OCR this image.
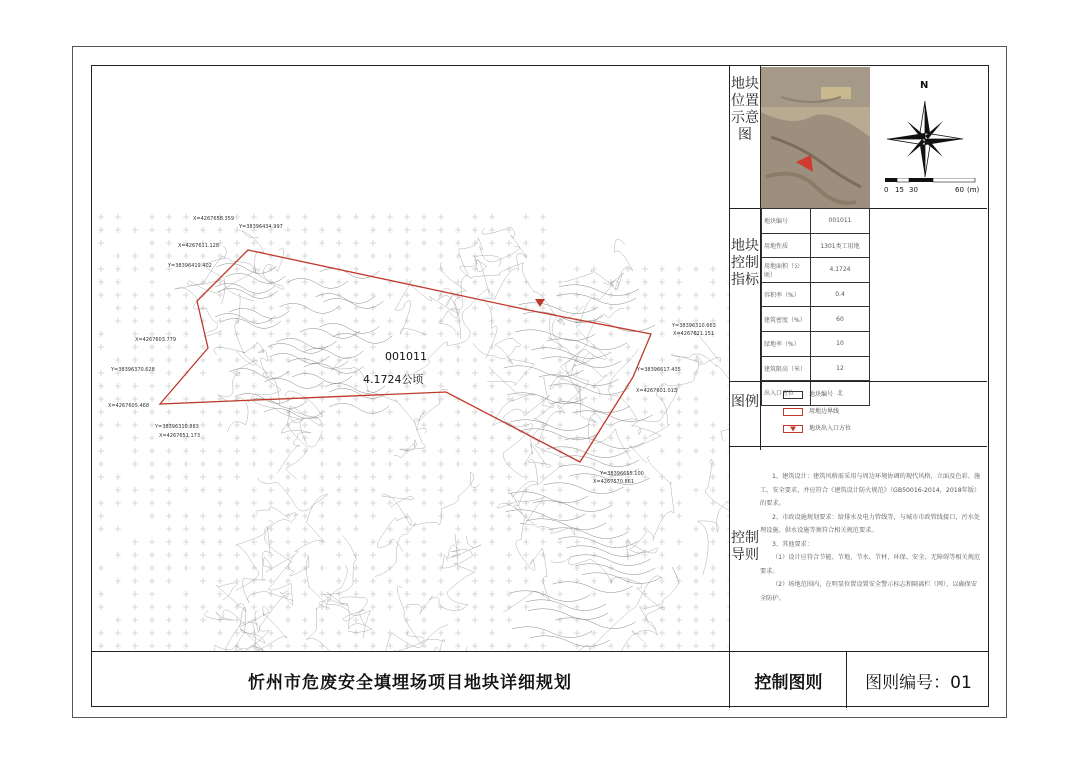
001011
4.1724公顷
X=4267658.359
Y=38396434.997
X=4267611.128
Y=38396419.402
X=4267603.779
Y=38396370.628
X=4267605.468
Y=38396310.883
X=4267651.173
Y=38396310.663
X=4267621.151
Y=38396617.435
X=4267601.013
Y=38396655.100
X=4267570.861
地块位置示意图
N
0 15 30	60 (m)
地块控制指标
地块编号	001011
用地性质	1301类工用地
用地面积（公顷）	4.1724
容积率（%）	0.4
建筑密度（%）	60
绿地率（%）	10
建筑限高（米）	12
出入口方位	北
图例	地块编号
用地边界线
地块出入口方位
控制导则

1、建筑设计：建筑风格需采用与周边环境协调的现代风格，立面及色彩、施工、安全要求，并应符合《建筑设计防火规范》（GB50016-2014，2018年版）的要求。

2、市政设施规划要求：给排水及电力管线等，与城市市政管线接口，污水处理设施、供水设施等须符合相关规范要求。

3、其他要求：

（1）设计应符合节能、节地、节水、节材、环保、安全、无障碍等相关规范要求。

（2）场地范围内，在明显位置设置安全警示标志和隔离栏（网），以确保安全防护。

忻州市危废安全填埋场项目地块详细规划	控制图则	图则编号：01
